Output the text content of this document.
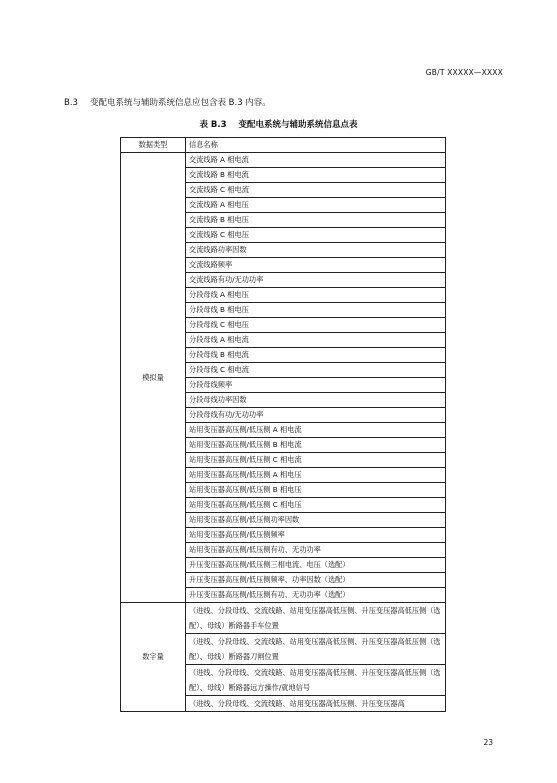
GB/T XXXXX—XXXX
B.3 变配电系统与辅助系统信息应包含表 B.3 内容。
表 B.3 变配电系统与辅助系统信息点表
数据类型	信息名称
模拟量	交流线路 A 相电流
	交流线路 B 相电流
	交流线路 C 相电流
	交流线路 A 相电压
	交流线路 B 相电压
	交流线路 C 相电压
	交流线路功率因数
	交流线路频率
	交流线路有功/无功功率
	分段母线 A 相电压
	分段母线 B 相电压
	分段母线 C 相电压
	分段母线 A 相电流
	分段母线 B 相电流
	分段母线 C 相电流
	分段母线频率
	分段母线功率因数
	分段母线有功/无功功率
	站用变压器高压侧/低压侧 A 相电流
	站用变压器高压侧/低压侧 B 相电流
	站用变压器高压侧/低压侧 C 相电流
	站用变压器高压侧/低压侧 A 相电压
	站用变压器高压侧/低压侧 B 相电压
	站用变压器高压侧/低压侧 C 相电压
	站用变压器高压侧/低压侧功率因数
	站用变压器高压侧/低压侧频率
	站用变压器高压侧/低压侧有功、无功功率
	升压变压器高压侧/低压侧三相电流、电压（选配）
	升压变压器高压侧/低压侧频率、功率因数（选配）
	升压变压器高压侧/低压侧有功、无功功率（选配）
数字量	（进线、分段母线、交流线路、站用变压器高低压侧、升压变压器高低压侧（选配）、母线）断路器手车位置
	（进线、分段母线、交流线路、站用变压器高低压侧、升压变压器高低压侧（选配）、母线）断路器刀闸位置
	（进线、分段母线、交流线路、站用变压器高低压侧、升压变压器高低压侧（选配）、母线）断路器远方操作/就地信号
	（进线、分段母线、交流线路、站用变压器高低压侧、升压变压器高
23
